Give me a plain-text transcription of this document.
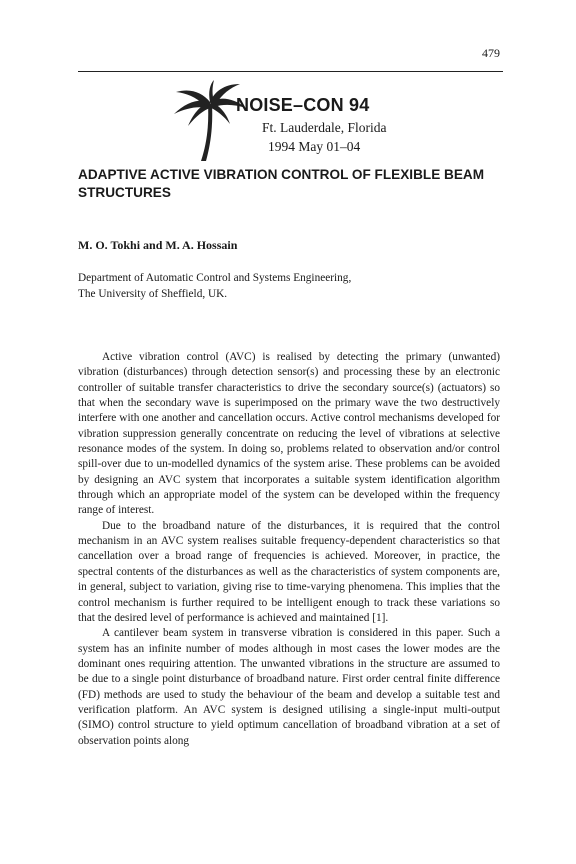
479
NOISE–CON 94
Ft. Lauderdale, Florida
1994 May 01–04
ADAPTIVE ACTIVE VIBRATION CONTROL OF FLEXIBLE BEAM STRUCTURES
M. O. Tokhi and M. A. Hossain
Department of Automatic Control and Systems Engineering,
The University of Sheffield, UK.

Active vibration control (AVC) is realised by detecting the primary (unwanted) vibration (disturbances) through detection sensor(s) and processing these by an electronic controller of suitable transfer characteristics to drive the secondary source(s) (actuators) so that when the secondary wave is superimposed on the primary wave the two destructively interfere with one another and cancellation occurs. Active control mechanisms developed for vibration suppression generally concentrate on reducing the level of vibrations at selective resonance modes of the system. In doing so, problems related to observation and/or control spill-over due to un-modelled dynamics of the system arise. These problems can be avoided by designing an AVC system that incorporates a suitable system identification algorithm through which an appropriate model of the system can be developed within the frequency range of interest.

Due to the broadband nature of the disturbances, it is required that the control mechanism in an AVC system realises suitable frequency-dependent characteristics so that cancellation over a broad range of frequencies is achieved. Moreover, in practice, the spectral contents of the disturbances as well as the characteristics of system components are, in general, subject to variation, giving rise to time-varying phenomena. This implies that the control mechanism is further required to be intelligent enough to track these variations so that the desired level of performance is achieved and maintained [1].

A cantilever beam system in transverse vibration is considered in this paper. Such a system has an infinite number of modes although in most cases the lower modes are the dominant ones requiring attention. The unwanted vibrations in the structure are assumed to be due to a single point disturbance of broadband nature. First order central finite difference (FD) methods are used to study the behaviour of the beam and develop a suitable test and verification platform. An AVC system is designed utilising a single-input multi-output (SIMO) control structure to yield optimum cancellation of broadband vibration at a set of observation points along
